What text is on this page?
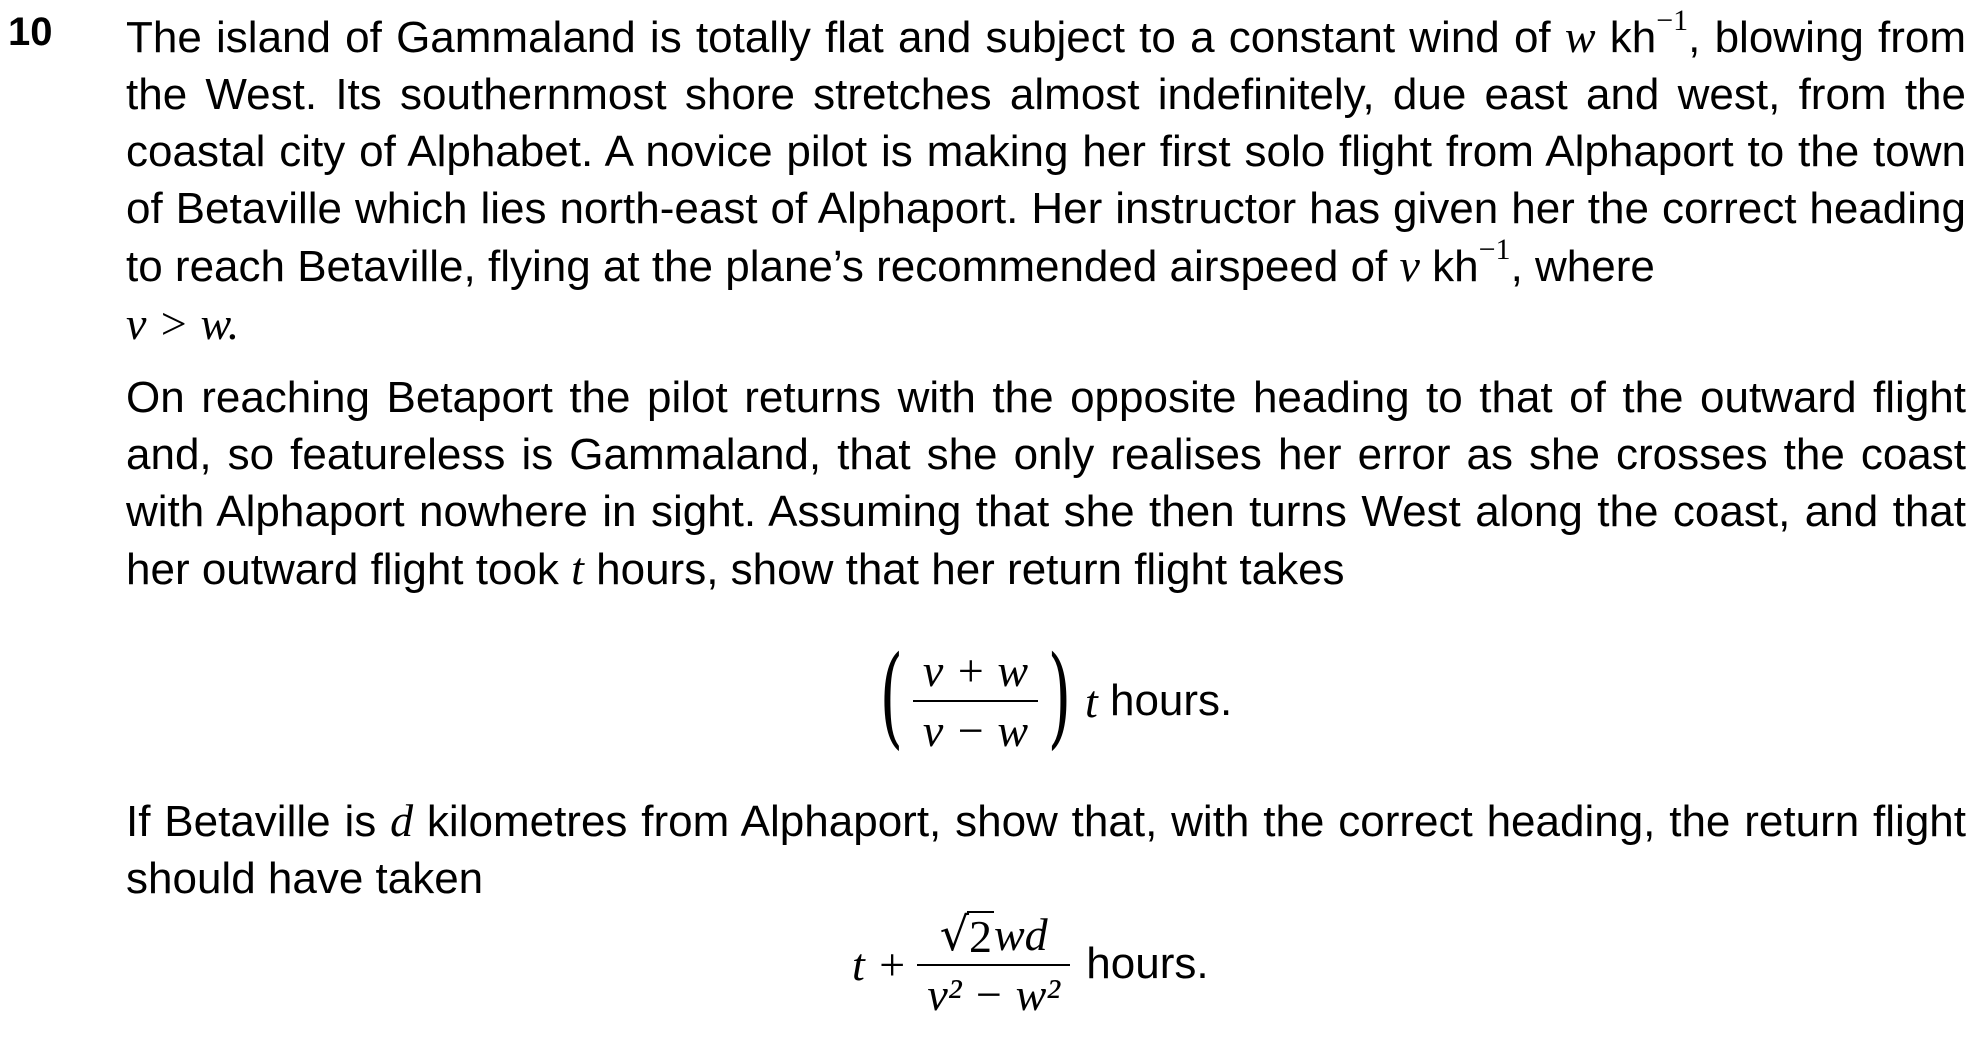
10 The island of Gammaland is totally flat and subject to a constant wind of w $kh^{-1}$, blowing from the West. Its southernmost shore stretches almost indefinitely, due east and west, from the coastal city of Alphabet. A novice pilot is making her first solo flight from Alphaport to the town of Betaville which lies north-east of Alphaport. Her instructor has given her the correct heading to reach Betaville, flying at the plane’s recommended airspeed of v $kh^{-1}$, where
v > w.

On reaching Betaport the pilot returns with the opposite heading to that of the outward flight and, so featureless is Gammaland, that she only realises her error as she crosses the coast with Alphaport nowhere in sight. Assuming that she then turns West along the coast, and that her outward flight took t hours, show that her return flight takes

( $\frac{v + w}{v - w}$ ) t hours.

If Betaville is d kilometres from Alphaport, show that, with the correct heading, the return flight should have taken

$t + \frac{√ 2 wd}{\text{v² − w²}}$ hours.
